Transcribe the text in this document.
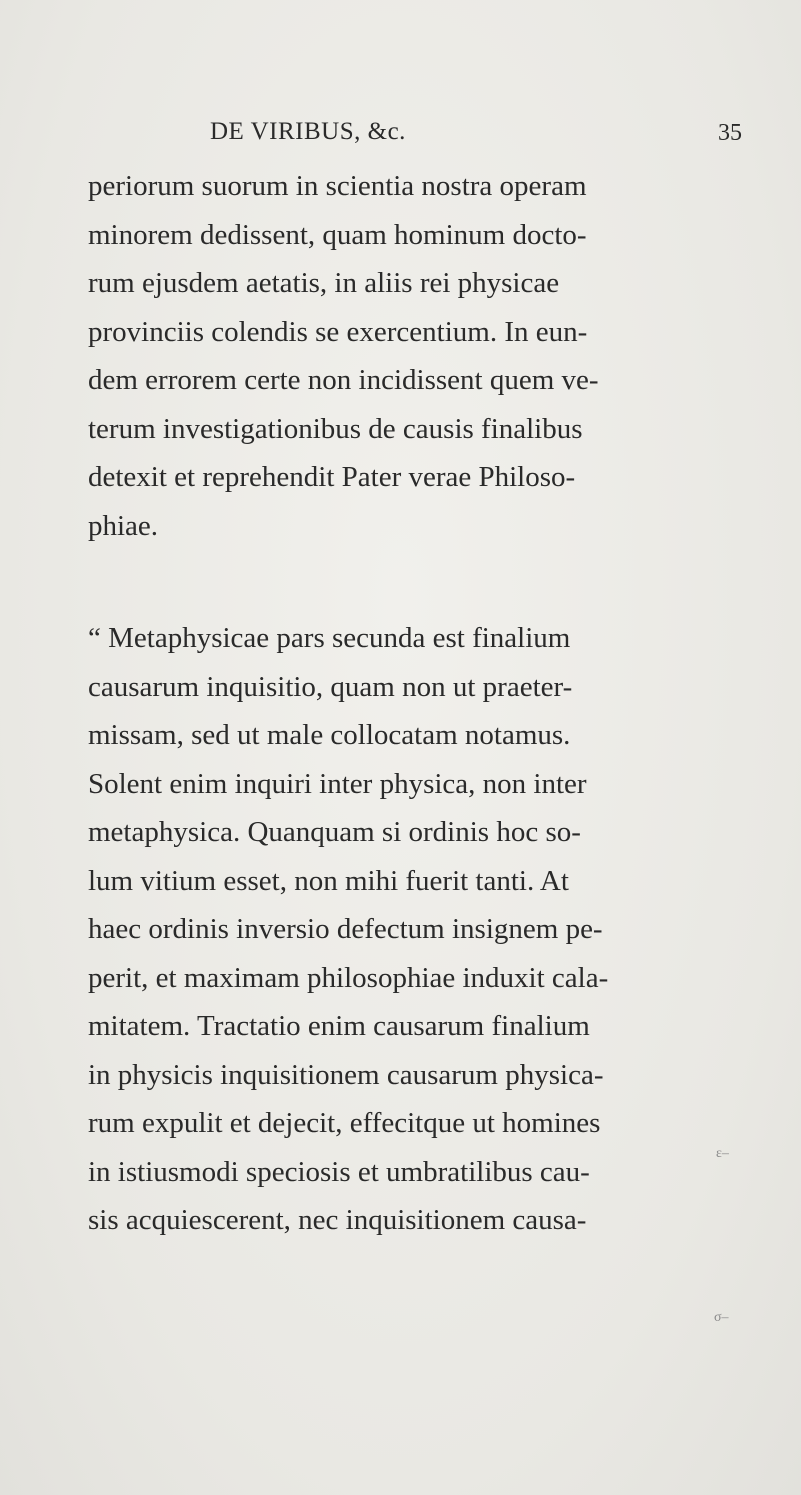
DE VIRIBUS, &c.	35
periorum suorum in scientia nostra operam
minorem dedissent, quam hominum docto-
rum ejusdem aetatis, in aliis rei physicae
provinciis colendis se exercentium. In eun-
dem errorem certe non incidissent quem ve-
terum investigationibus de causis finalibus
detexit et reprehendit Pater verae Philoso-
phiae.
“ Metaphysicae pars secunda est finalium
causarum inquisitio, quam non ut praeter-
missam, sed ut male collocatam notamus.
Solent enim inquiri inter physica, non inter
metaphysica. Quanquam si ordinis hoc so-
lum vitium esset, non mihi fuerit tanti. At
haec ordinis inversio defectum insignem pe-
perit, et maximam philosophiae induxit cala-
mitatem. Tractatio enim causarum finalium
in physicis inquisitionem causarum physica-
rum expulit et dejecit, effecitque ut homines
in istiusmodi speciosis et umbratilibus cau-
sis acquiescerent, nec inquisitionem causa-
ε–
σ–
